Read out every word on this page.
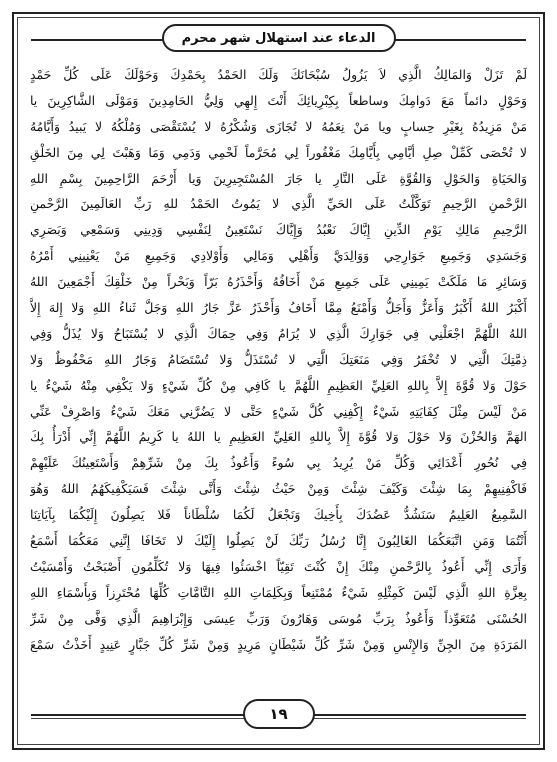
الدعاء عند استهلال شهر محرم
لَمْ تَزَلْ وَالمَالِكُ الَّذِي لاَ يَزُولُ سُبْحَانَكَ وَلَكَ الحَمْدُ بِحَمْدِكَ وَحَوْلَكَ عَلَى كُلِّ حَمْدٍ
وَحَوْلٍ دائماً مَعَ دَوامِكَ وساطعاً بِكِبْرِيائِكَ أَنْتَ إِلهِي وَلِيُّ الحَامِدِينَ وَمَوْلَى الشَّاكِرِينَ يا
مَنْ مَزِيدُهُ بِغَيْرِ حِسابٍ ويا مَنْ نِعَمُهُ لا تُجَازَى وَشُكْرُهُ لا يُسْتَقْصَى وَمُلْكُهُ لا يَبيدُ وَأَيَّامُهُ
لا تُحْصَى كَمِّلْ صِلِ أيَّامِي بِأَيَّامِكَ مَغْفُوراً لِي مُحَرَّماً لَحْمِي وَدَمِي وَمَا وَهَبْتَ لِي مِنَ الخَلْقِ
وَالحَيَاةِ وَالحَوْلِ وَالقُوَّةِ عَلَى النَّارِ يا جَارَ المُسْتَجِيرِينَ وَيا أَرْحَمَ الرَّاحِمِينَ بِسْمِ اللهِ
الرَّحْمنِ الرَّحِيمِ تَوَكَّلْتُ عَلَى الحَيِّ الَّذِي لا يَمُوتُ الحَمْدُ للهِ رَبِّ العَالَمِينَ الرَّحْمنِ
الرَّحِيمِ مَالِكِ يَوْمِ الدِّينِ إِيَّاكَ نَعْبُدُ وَإِيَّاكَ نَسْتَعِينُ لِنَفْسِي وَدِينِي وَسَمْعِي وَبَصَرِي
وَجَسَدِي وَجَمِيعِ جَوَارِحِي وَوَالِدَيَّ وَأَهْلِي وَمَالِي وَأَوْلادِي وَجَمِيعِ مَنْ يَعْنِينِي أَمْرُهُ
وَسَائِرِ مَا مَلَكَتْ يَمِينِي عَلَى جَمِيعِ مَنْ أَخَافُهُ وَأَحْذَرُهُ بَرّاً وَبَحْراً مِنْ خَلْقِكَ أَجْمَعِينَ اللهُ
أَكْبَرُ اللهُ أَكْبَرُ وَأَعَزُّ وَأَجَلُّ وَأَمْنَعُ مِمَّا أَخَافُ وَأَحْذَرُ عَزَّ جَارُ اللهِ وَجَلَّ ثَناءُ اللهِ وَلا إِلهَ إِلاَّ
اللهُ اللَّهُمَّ اجْعَلْنِي فِي جَوَارِكَ الَّذِي لا يُرَامُ وَفِي حِمَاكَ الَّذِي لا يُسْتَبَاحُ وَلا يُذَلُّ وَفِي
ذِمَّتِكَ الَّتِي لا تُخْفَرُ وَفِي مَنَعَتِكَ الَّتِي لا تُسْتَذَلُّ وَلا تُسْتَضَامُ وَجَارُ اللهِ مَحْفُوظٌ وَلا
حَوْلَ وَلا قُوَّةَ إِلاَّ بِاللهِ العَلِيِّ العَظِيمِ اللَّهُمَّ يا كَافِي مِنْ كُلِّ شَيْءٍ وَلا يَكْفِي مِنْهُ شَيْءٌ يا
مَنْ لَيْسَ مِثْلَ كِفَايَتِهِ شَيْءٌ إِكْفِنِي كُلَّ شَيْءٍ حَتَّى لا يَضُرَّنِي مَعَكَ شَيْءٌ وَاصْرِفْ عَنِّي
الهَمَّ وَالحُزْنَ وَلا حَوْلَ وَلا قُوَّةَ إِلاَّ بِاللهِ العَلِيِّ العَظِيمِ يا اللهُ يا كَرِيمُ اللَّهُمَّ إِنِّي أَدْرَأُ بِكَ
فِي نُحُورِ أَعْدَائِي وَكُلِّ مَنْ يُرِيدُ بِي سُوءً وَأَعُوذُ بِكَ مِنْ شَرِّهِمْ وَأَسْتَعِينُكَ عَلَيْهِمْ
فَاكْفِنِيهِمْ بِمَا شِئْتَ وَكَيْفَ شِئْتَ وَمِنْ حَيْثُ شِئْتَ وَأَنَّى شِئْتَ فَسَيَكْفِيكَهُمُ اللهُ وَهُوَ
السَّمِيعُ العَلِيمُ سَنَشُدُّ عَضُدَكَ بِأَخِيكَ وَنَجْعَلُ لَكُمَا سُلْطَاناً فَلا يَصِلُونَ إِلَيْكُمَا بِآيَاتِنَا
أَنْتُمَا وَمَنِ اتَّبَعَكُمَا الغَالِبُونَ إِنَّا رُسُلُ رَبِّكَ لَنْ يَصِلُوا إِلَيْكَ لا تَخَافَا إِنَّنِي مَعَكُمَا أَسْمَعُ
وَأَرَى إِنِّي أَعُوذُ بِالرَّحْمنِ مِنْكَ إِنْ كُنْتَ تَقِيّاً اخْسَئُوا فِيهَا وَلا تُكَلِّمُونِ أَصْبَحْتُ وَأَمْسَيْتُ
بِعِزَّةِ اللهِ الَّذِي لَيْسَ كَمِثْلِهِ شَيْءٌ مُمْتَنِعاً وَبِكَلِمَاتِ اللهِ التَّامَّاتِ كُلِّهَا مُحْتَرِزاً وَبِأَسْمَاءِ اللهِ
الحُسْنَى مُتَعَوِّذاً وَأَعُوذُ بِرَبِّ مُوسَى وَهَارُونَ وَرَبِّ عِيسَى وَإِبْرَاهِيمَ الَّذِي وَفَّى مِنْ شَرِّ
المَرَدَةِ مِنَ الجِنِّ وَالإِنْسِ وَمِنْ شَرِّ كُلِّ شَيْطَانٍ مَرِيدٍ وَمِنْ شَرِّ كُلِّ جَبَّارٍ عَنِيدٍ أَخَذْتُ سَمْعَ
١٩
